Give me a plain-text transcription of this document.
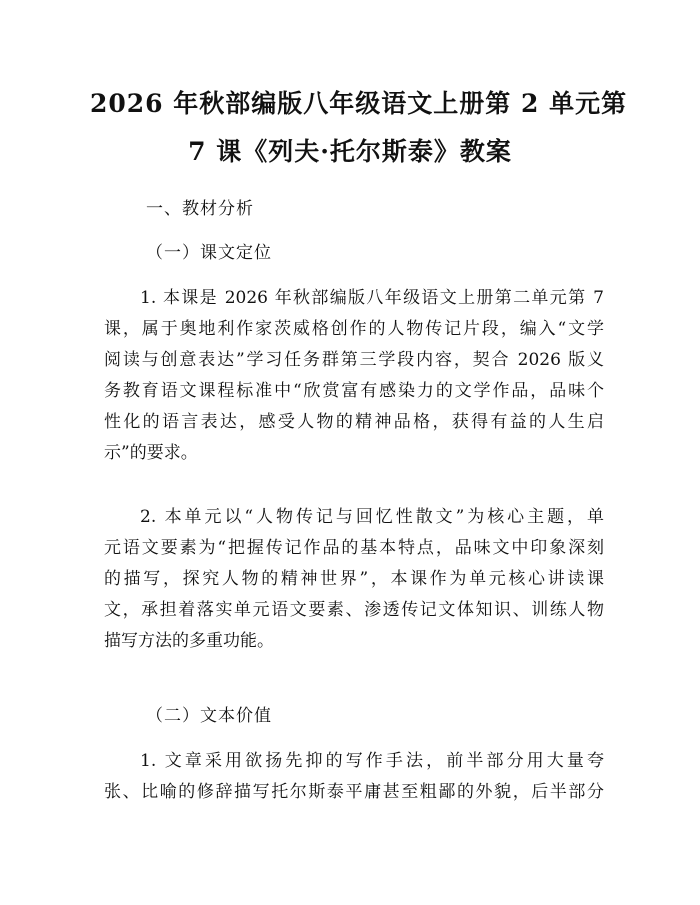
2026 年秋部编版八年级语文上册第 2 单元第
7 课《列夫·托尔斯泰》教案

一、教材分析

（一）课文定位

1. 本课是 2026 年秋部编版八年级语文上册第二单元第 7
课，属于奥地利作家茨威格创作的人物传记片段，编入“文学
阅读与创意表达”学习任务群第三学段内容，契合 2026 版义
务教育语文课程标准中“欣赏富有感染力的文学作品，品味个
性化的语言表达，感受人物的精神品格，获得有益的人生启
示”的要求。
2. 本单元以“人物传记与回忆性散文”为核心主题，单
元语文要素为“把握传记作品的基本特点，品味文中印象深刻
的描写，探究人物的精神世界”，本课作为单元核心讲读课
文，承担着落实单元语文要素、渗透传记文体知识、训练人物
描写方法的多重功能。

（二）文本价值

1. 文章采用欲扬先抑的写作手法，前半部分用大量夸
张、比喻的修辞描写托尔斯泰平庸甚至粗鄙的外貌，后半部分
